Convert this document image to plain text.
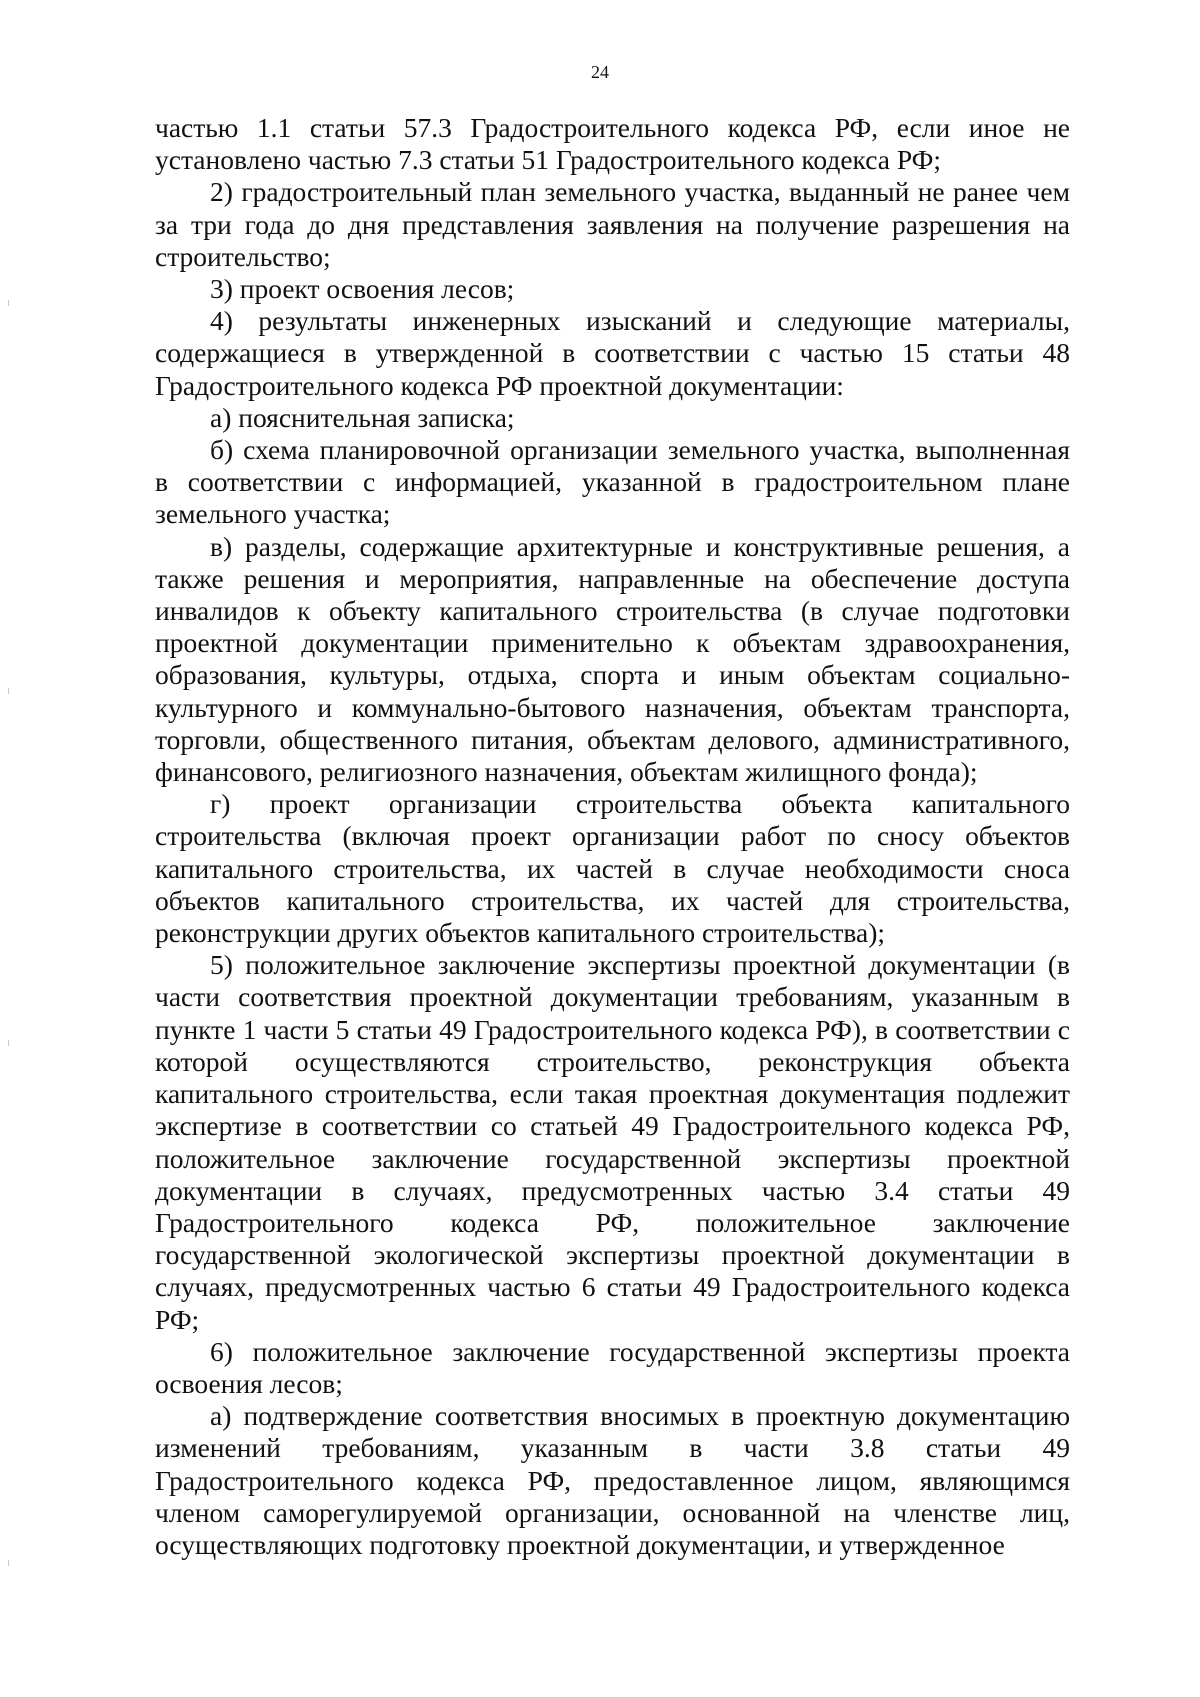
24

частью 1.1 статьи 57.3 Градостроительного кодекса РФ, если иное не установлено частью 7.3 статьи 51 Градостроительного кодекса РФ;

2) градостроительный план земельного участка, выданный не ранее чем за три года до дня представления заявления на получение разрешения на строительство;

3) проект освоения лесов;

4) результаты инженерных изысканий и следующие материалы, содержащиеся в утвержденной в соответствии с частью 15 статьи 48 Градостроительного кодекса РФ проектной документации:

а) пояснительная записка;

б) схема планировочной организации земельного участка, выполненная в соответствии с информацией, указанной в градостроительном плане земельного участка;

в) разделы, содержащие архитектурные и конструктивные решения, а также решения и мероприятия, направленные на обеспечение доступа инвалидов к объекту капитального строительства (в случае подготовки проектной документации применительно к объектам здравоохранения, образования, культуры, отдыха, спорта и иным объектам социально-культурного и коммунально-бытового назначения, объектам транспорта, торговли, общественного питания, объектам делового, административного, финансового, религиозного назначения, объектам жилищного фонда);

г) проект организации строительства объекта капитального строительства (включая проект организации работ по сносу объектов капитального строительства, их частей в случае необходимости сноса объектов капитального строительства, их частей для строительства, реконструкции других объектов капитального строительства);

5) положительное заключение экспертизы проектной документации (в части соответствия проектной документации требованиям, указанным в пункте 1 части 5 статьи 49 Градостроительного кодекса РФ), в соответствии с которой осуществляются строительство, реконструкция объекта капитального строительства, если такая проектная документация подлежит экспертизе в соответствии со статьей 49 Градостроительного кодекса РФ, положительное заключение государственной экспертизы проектной документации в случаях, предусмотренных частью 3.4 статьи 49 Градостроительного кодекса РФ, положительное заключение государственной экологической экспертизы проектной документации в случаях, предусмотренных частью 6 статьи 49 Градостроительного кодекса РФ;

6) положительное заключение государственной экспертизы проекта освоения лесов;

а) подтверждение соответствия вносимых в проектную документацию изменений требованиям, указанным в части 3.8 статьи 49 Градостроительного кодекса РФ, предоставленное лицом, являющимся членом саморегулируемой организации, основанной на членстве лиц, осуществляющих подготовку проектной документации, и утвержденное
